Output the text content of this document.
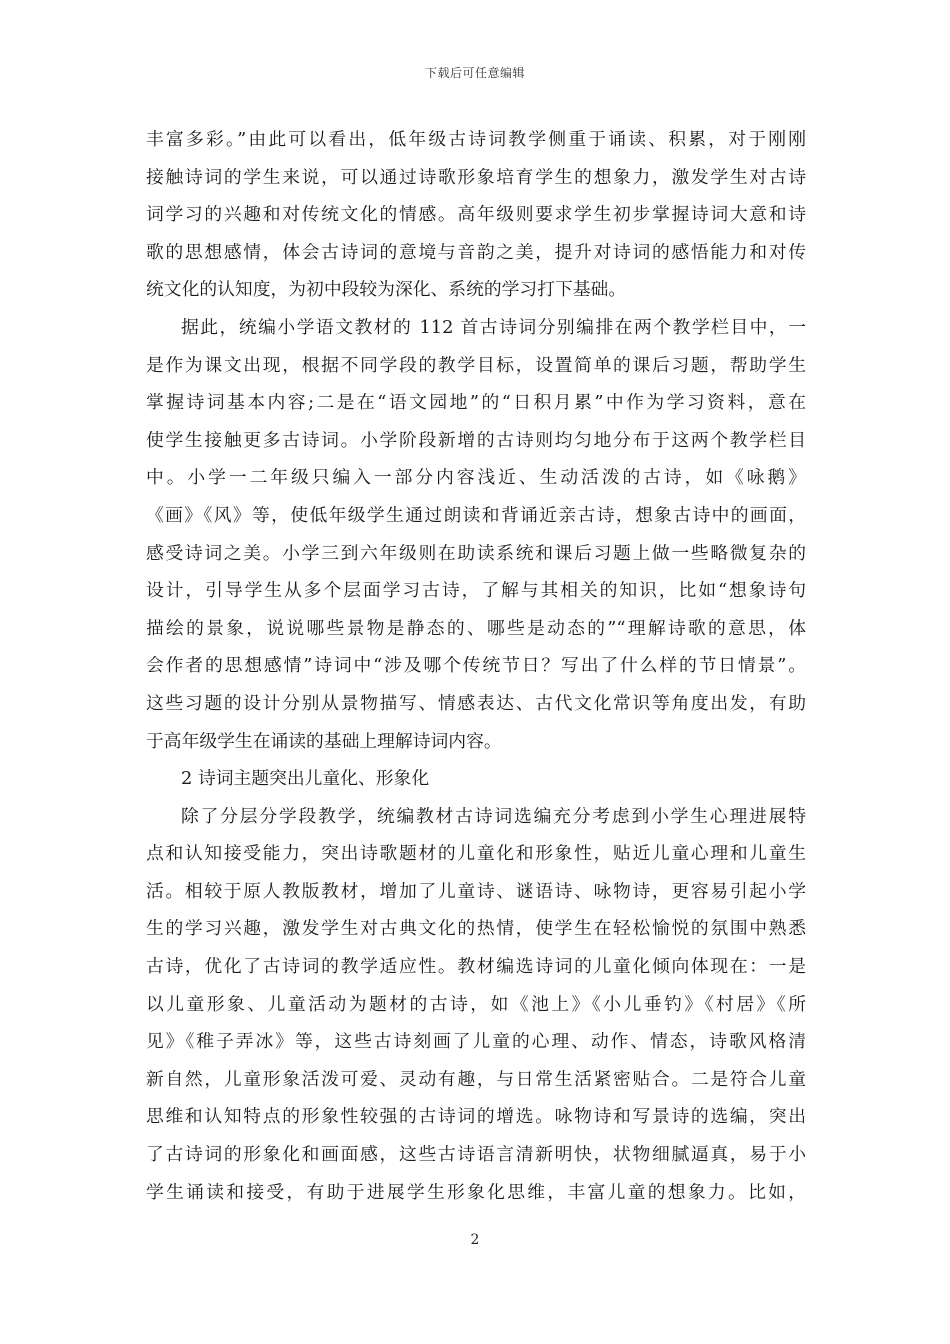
下载后可任意编辑
丰富多彩。”由此可以看出，低年级古诗词教学侧重于诵读、积累，对于刚刚
接触诗词的学生来说，可以通过诗歌形象培育学生的想象力，激发学生对古诗
词学习的兴趣和对传统文化的情感。高年级则要求学生初步掌握诗词大意和诗
歌的思想感情，体会古诗词的意境与音韵之美，提升对诗词的感悟能力和对传
统文化的认知度，为初中段较为深化、系统的学习打下基础。
据此，统编小学语文教材的 112 首古诗词分别编排在两个教学栏目中，一
是作为课文出现，根据不同学段的教学目标，设置简单的课后习题，帮助学生
掌握诗词基本内容;二是在“语文园地”的“日积月累”中作为学习资料，意在
使学生接触更多古诗词。小学阶段新增的古诗则均匀地分布于这两个教学栏目
中。小学一二年级只编入一部分内容浅近、生动活泼的古诗，如《咏鹅》
《画》《风》等，使低年级学生通过朗读和背诵近亲古诗，想象古诗中的画面，
感受诗词之美。小学三到六年级则在助读系统和课后习题上做一些略微复杂的
设计，引导学生从多个层面学习古诗，了解与其相关的知识，比如“想象诗句
描绘的景象，说说哪些景物是静态的、哪些是动态的”“理解诗歌的意思，体
会作者的思想感情”诗词中“涉及哪个传统节日？写出了什么样的节日情景”。
这些习题的设计分别从景物描写、情感表达、古代文化常识等角度出发，有助
于高年级学生在诵读的基础上理解诗词内容。
2 诗词主题突出儿童化、形象化
除了分层分学段教学，统编教材古诗词选编充分考虑到小学生心理进展特
点和认知接受能力，突出诗歌题材的儿童化和形象性，贴近儿童心理和儿童生
活。相较于原人教版教材，增加了儿童诗、谜语诗、咏物诗，更容易引起小学
生的学习兴趣，激发学生对古典文化的热情，使学生在轻松愉悦的氛围中熟悉
古诗，优化了古诗词的教学适应性。教材编选诗词的儿童化倾向体现在：一是
以儿童形象、儿童活动为题材的古诗，如《池上》《小儿垂钓》《村居》《所
见》《稚子弄冰》等，这些古诗刻画了儿童的心理、动作、情态，诗歌风格清
新自然，儿童形象活泼可爱、灵动有趣，与日常生活紧密贴合。二是符合儿童
思维和认知特点的形象性较强的古诗词的增选。咏物诗和写景诗的选编，突出
了古诗词的形象化和画面感，这些古诗语言清新明快，状物细腻逼真，易于小
学生诵读和接受，有助于进展学生形象化思维，丰富儿童的想象力。比如，
2
